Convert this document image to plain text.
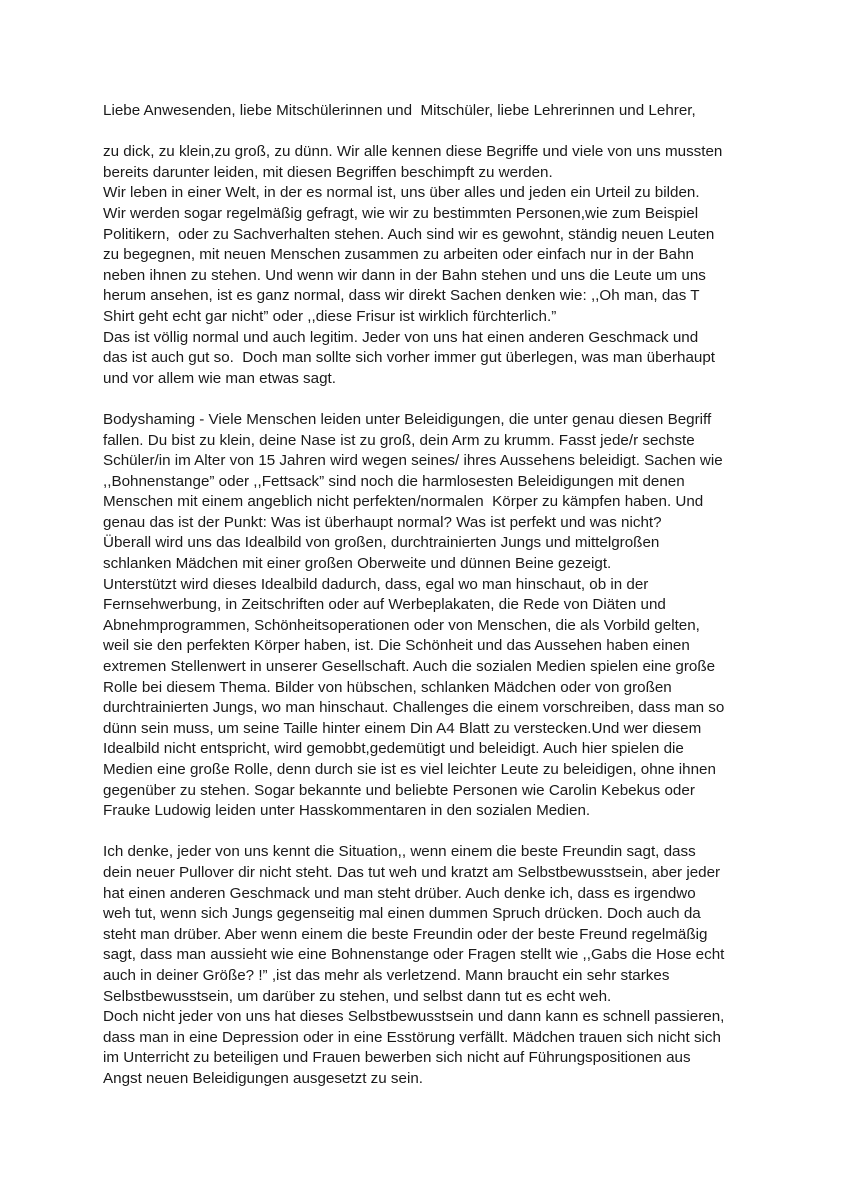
Liebe Anwesenden, liebe Mitschülerinnen und  Mitschüler, liebe Lehrerinnen und Lehrer,
zu dick, zu klein,zu groß, zu dünn. Wir alle kennen diese Begriffe und viele von uns mussten
bereits darunter leiden, mit diesen Begriffen beschimpft zu werden.
Wir leben in einer Welt, in der es normal ist, uns über alles und jeden ein Urteil zu bilden.
Wir werden sogar regelmäßig gefragt, wie wir zu bestimmten Personen,wie zum Beispiel
Politikern,  oder zu Sachverhalten stehen. Auch sind wir es gewohnt, ständig neuen Leuten
zu begegnen, mit neuen Menschen zusammen zu arbeiten oder einfach nur in der Bahn
neben ihnen zu stehen. Und wenn wir dann in der Bahn stehen und uns die Leute um uns
herum ansehen, ist es ganz normal, dass wir direkt Sachen denken wie: ,,Oh man, das T
Shirt geht echt gar nicht” oder ,,diese Frisur ist wirklich fürchterlich.”
Das ist völlig normal und auch legitim. Jeder von uns hat einen anderen Geschmack und
das ist auch gut so.  Doch man sollte sich vorher immer gut überlegen, was man überhaupt
und vor allem wie man etwas sagt.
Bodyshaming - Viele Menschen leiden unter Beleidigungen, die unter genau diesen Begriff
fallen. Du bist zu klein, deine Nase ist zu groß, dein Arm zu krumm. Fasst jede/r sechste
Schüler/in im Alter von 15 Jahren wird wegen seines/ ihres Aussehens beleidigt. Sachen wie
,,Bohnenstange” oder ,,Fettsack” sind noch die harmlosesten Beleidigungen mit denen
Menschen mit einem angeblich nicht perfekten/normalen  Körper zu kämpfen haben. Und
genau das ist der Punkt: Was ist überhaupt normal? Was ist perfekt und was nicht?
Überall wird uns das Idealbild von großen, durchtrainierten Jungs und mittelgroßen
schlanken Mädchen mit einer großen Oberweite und dünnen Beine gezeigt.
Unterstützt wird dieses Idealbild dadurch, dass, egal wo man hinschaut, ob in der
Fernsehwerbung, in Zeitschriften oder auf Werbeplakaten, die Rede von Diäten und
Abnehmprogrammen, Schönheitsoperationen oder von Menschen, die als Vorbild gelten,
weil sie den perfekten Körper haben, ist. Die Schönheit und das Aussehen haben einen
extremen Stellenwert in unserer Gesellschaft. Auch die sozialen Medien spielen eine große
Rolle bei diesem Thema. Bilder von hübschen, schlanken Mädchen oder von großen
durchtrainierten Jungs, wo man hinschaut. Challenges die einem vorschreiben, dass man so
dünn sein muss, um seine Taille hinter einem Din A4 Blatt zu verstecken.Und wer diesem
Idealbild nicht entspricht, wird gemobbt,gedemütigt und beleidigt. Auch hier spielen die
Medien eine große Rolle, denn durch sie ist es viel leichter Leute zu beleidigen, ohne ihnen
gegenüber zu stehen. Sogar bekannte und beliebte Personen wie Carolin Kebekus oder
Frauke Ludowig leiden unter Hasskommentaren in den sozialen Medien.
Ich denke, jeder von uns kennt die Situation,, wenn einem die beste Freundin sagt, dass
dein neuer Pullover dir nicht steht. Das tut weh und kratzt am Selbstbewusstsein, aber jeder
hat einen anderen Geschmack und man steht drüber. Auch denke ich, dass es irgendwo
weh tut, wenn sich Jungs gegenseitig mal einen dummen Spruch drücken. Doch auch da
steht man drüber. Aber wenn einem die beste Freundin oder der beste Freund regelmäßig
sagt, dass man aussieht wie eine Bohnenstange oder Fragen stellt wie ,,Gabs die Hose echt
auch in deiner Größe? !” ,ist das mehr als verletzend. Mann braucht ein sehr starkes
Selbstbewusstsein, um darüber zu stehen, und selbst dann tut es echt weh.
Doch nicht jeder von uns hat dieses Selbstbewusstsein und dann kann es schnell passieren,
dass man in eine Depression oder in eine Esstörung verfällt. Mädchen trauen sich nicht sich
im Unterricht zu beteiligen und Frauen bewerben sich nicht auf Führungspositionen aus
Angst neuen Beleidigungen ausgesetzt zu sein.
